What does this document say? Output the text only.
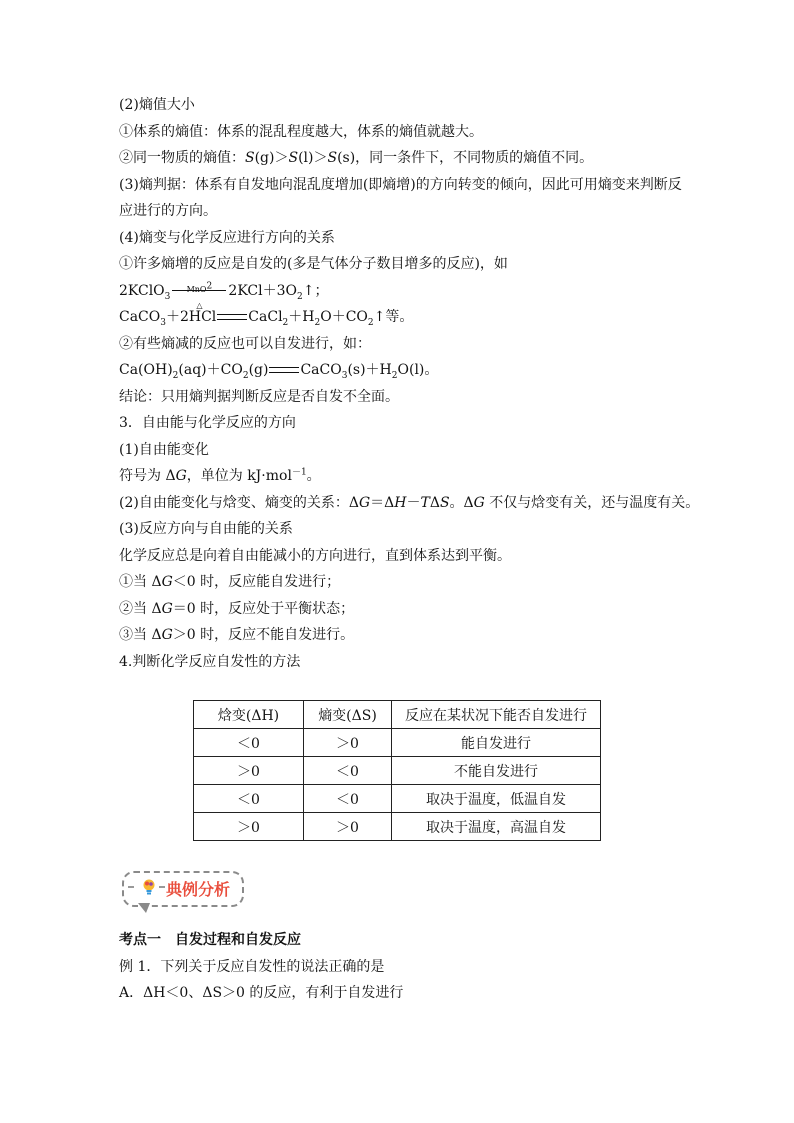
(2)熵值大小
①体系的熵值：体系的混乱程度越大，体系的熵值就越大。
②同一物质的熵值：S(g)＞S(l)＞S(s)，同一条件下，不同物质的熵值不同。
(3)熵判据：体系有自发地向混乱度增加(即熵增)的方向转变的倾向，因此可用熵变来判断反
应进行的方向。
(4)熵变与化学反应进行方向的关系
①许多熵增的反应是自发的(多是气体分子数目增多的反应)，如
2KClO$_3$
MnO$^2$
△
$2KCl+3O_2↑$；
CaCO$_3$＋2HCl $CaCl_2+H_2O+CO_2↑$等。
②有些熵减的反应也可以自发进行，如：
$Ca(OH)_2(aq)+CO_2(g)$ $CaCO_3(s)+H_2O(l)$。
结论：只用熵判据判断反应是否自发不全面。
3．自由能与化学反应的方向
(1)自由能变化
符号为 ΔG，单位为 kJ·mol$^{-1}$。
(2)自由能变化与焓变、熵变的关系：ΔG＝ΔH－TΔS。ΔG 不仅与焓变有关，还与温度有关。
(3)反应方向与自由能的关系
化学反应总是向着自由能减小的方向进行，直到体系达到平衡。
①当 ΔG＜0 时，反应能自发进行；
②当 ΔG＝0 时，反应处于平衡状态；
③当 ΔG＞0 时，反应不能自发进行。
4.判断化学反应自发性的方法
焓变(ΔH)	熵变(ΔS)	反应在某状况下能否自发进行
＜0	＞0	能自发进行
＞0	＜0	不能自发进行
＜0	＜0	取决于温度，低温自发
＞0	＞0	取决于温度，高温自发
典例分析
考点一　自发过程和自发反应
例 1．下列关于反应自发性的说法正确的是
A．ΔH＜0、ΔS＞0 的反应，有利于自发进行
